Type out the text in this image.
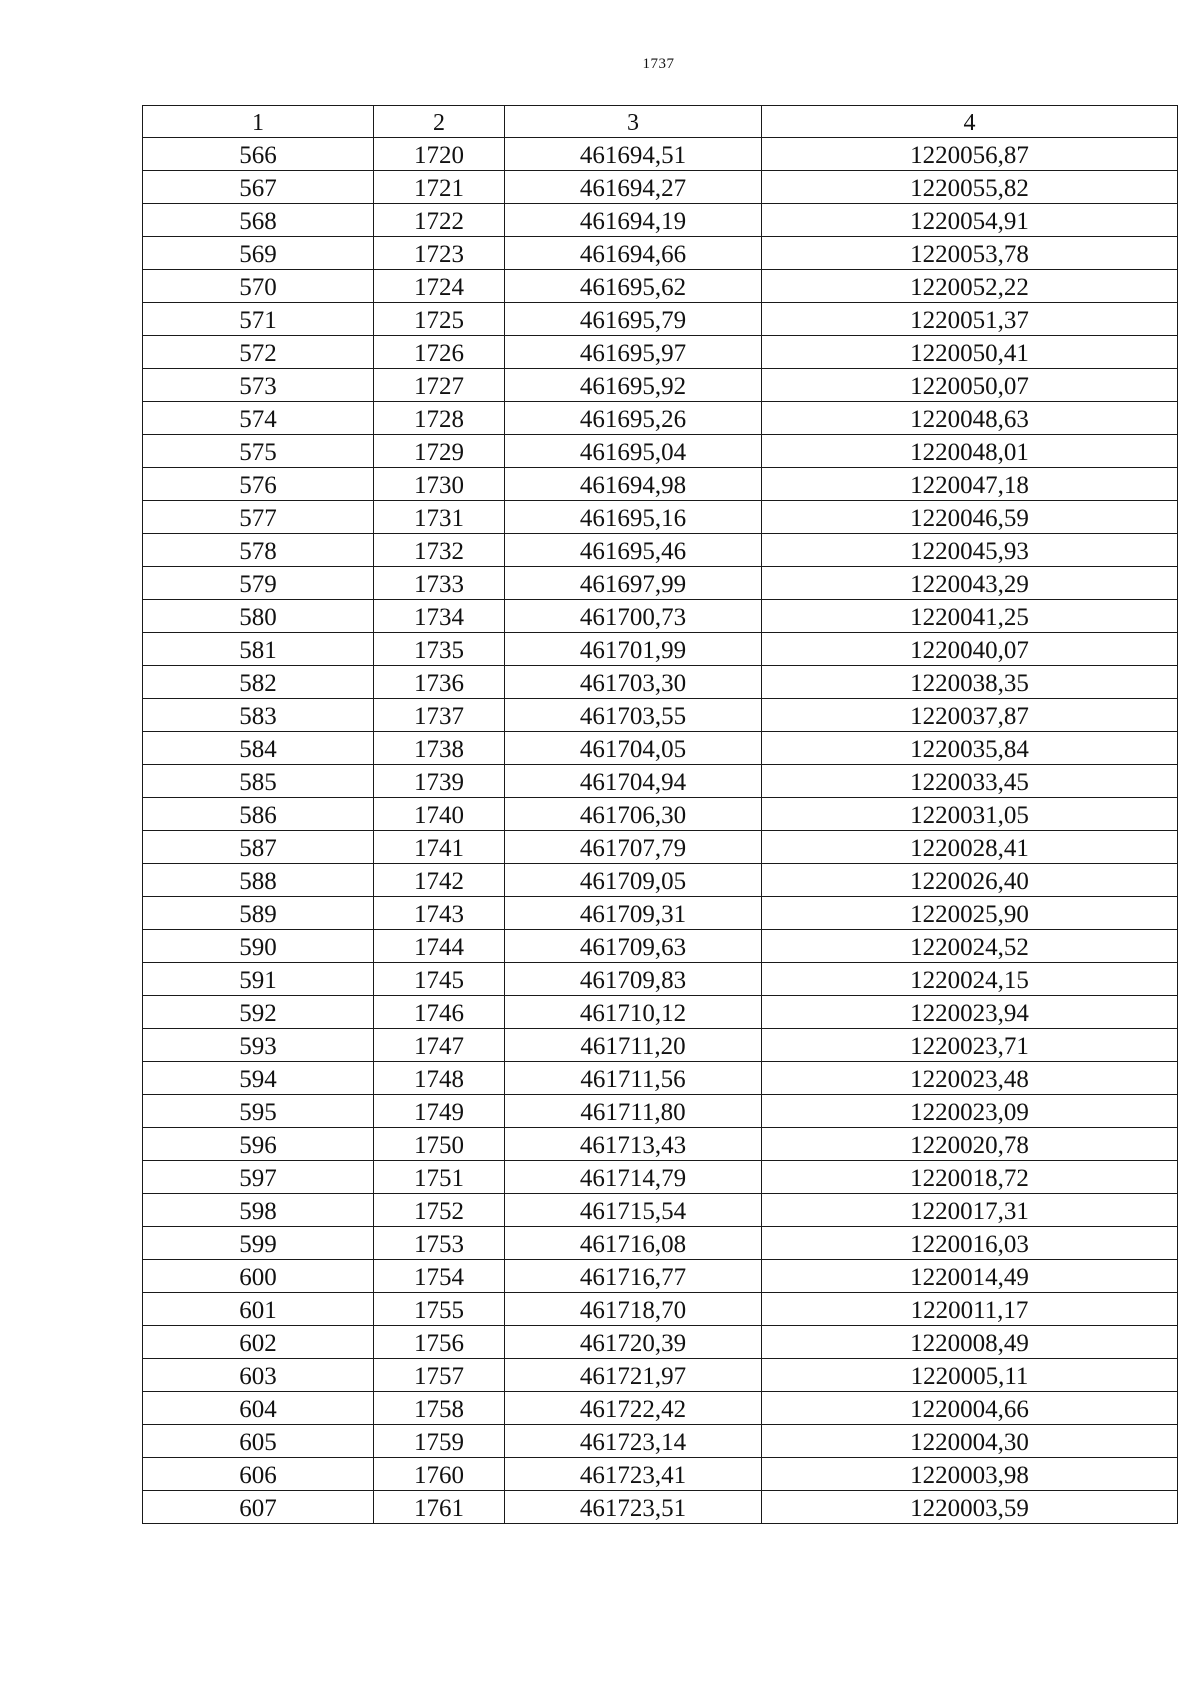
1737
1	2	3	4
566	1720	461694,51	1220056,87
567	1721	461694,27	1220055,82
568	1722	461694,19	1220054,91
569	1723	461694,66	1220053,78
570	1724	461695,62	1220052,22
571	1725	461695,79	1220051,37
572	1726	461695,97	1220050,41
573	1727	461695,92	1220050,07
574	1728	461695,26	1220048,63
575	1729	461695,04	1220048,01
576	1730	461694,98	1220047,18
577	1731	461695,16	1220046,59
578	1732	461695,46	1220045,93
579	1733	461697,99	1220043,29
580	1734	461700,73	1220041,25
581	1735	461701,99	1220040,07
582	1736	461703,30	1220038,35
583	1737	461703,55	1220037,87
584	1738	461704,05	1220035,84
585	1739	461704,94	1220033,45
586	1740	461706,30	1220031,05
587	1741	461707,79	1220028,41
588	1742	461709,05	1220026,40
589	1743	461709,31	1220025,90
590	1744	461709,63	1220024,52
591	1745	461709,83	1220024,15
592	1746	461710,12	1220023,94
593	1747	461711,20	1220023,71
594	1748	461711,56	1220023,48
595	1749	461711,80	1220023,09
596	1750	461713,43	1220020,78
597	1751	461714,79	1220018,72
598	1752	461715,54	1220017,31
599	1753	461716,08	1220016,03
600	1754	461716,77	1220014,49
601	1755	461718,70	1220011,17
602	1756	461720,39	1220008,49
603	1757	461721,97	1220005,11
604	1758	461722,42	1220004,66
605	1759	461723,14	1220004,30
606	1760	461723,41	1220003,98
607	1761	461723,51	1220003,59
